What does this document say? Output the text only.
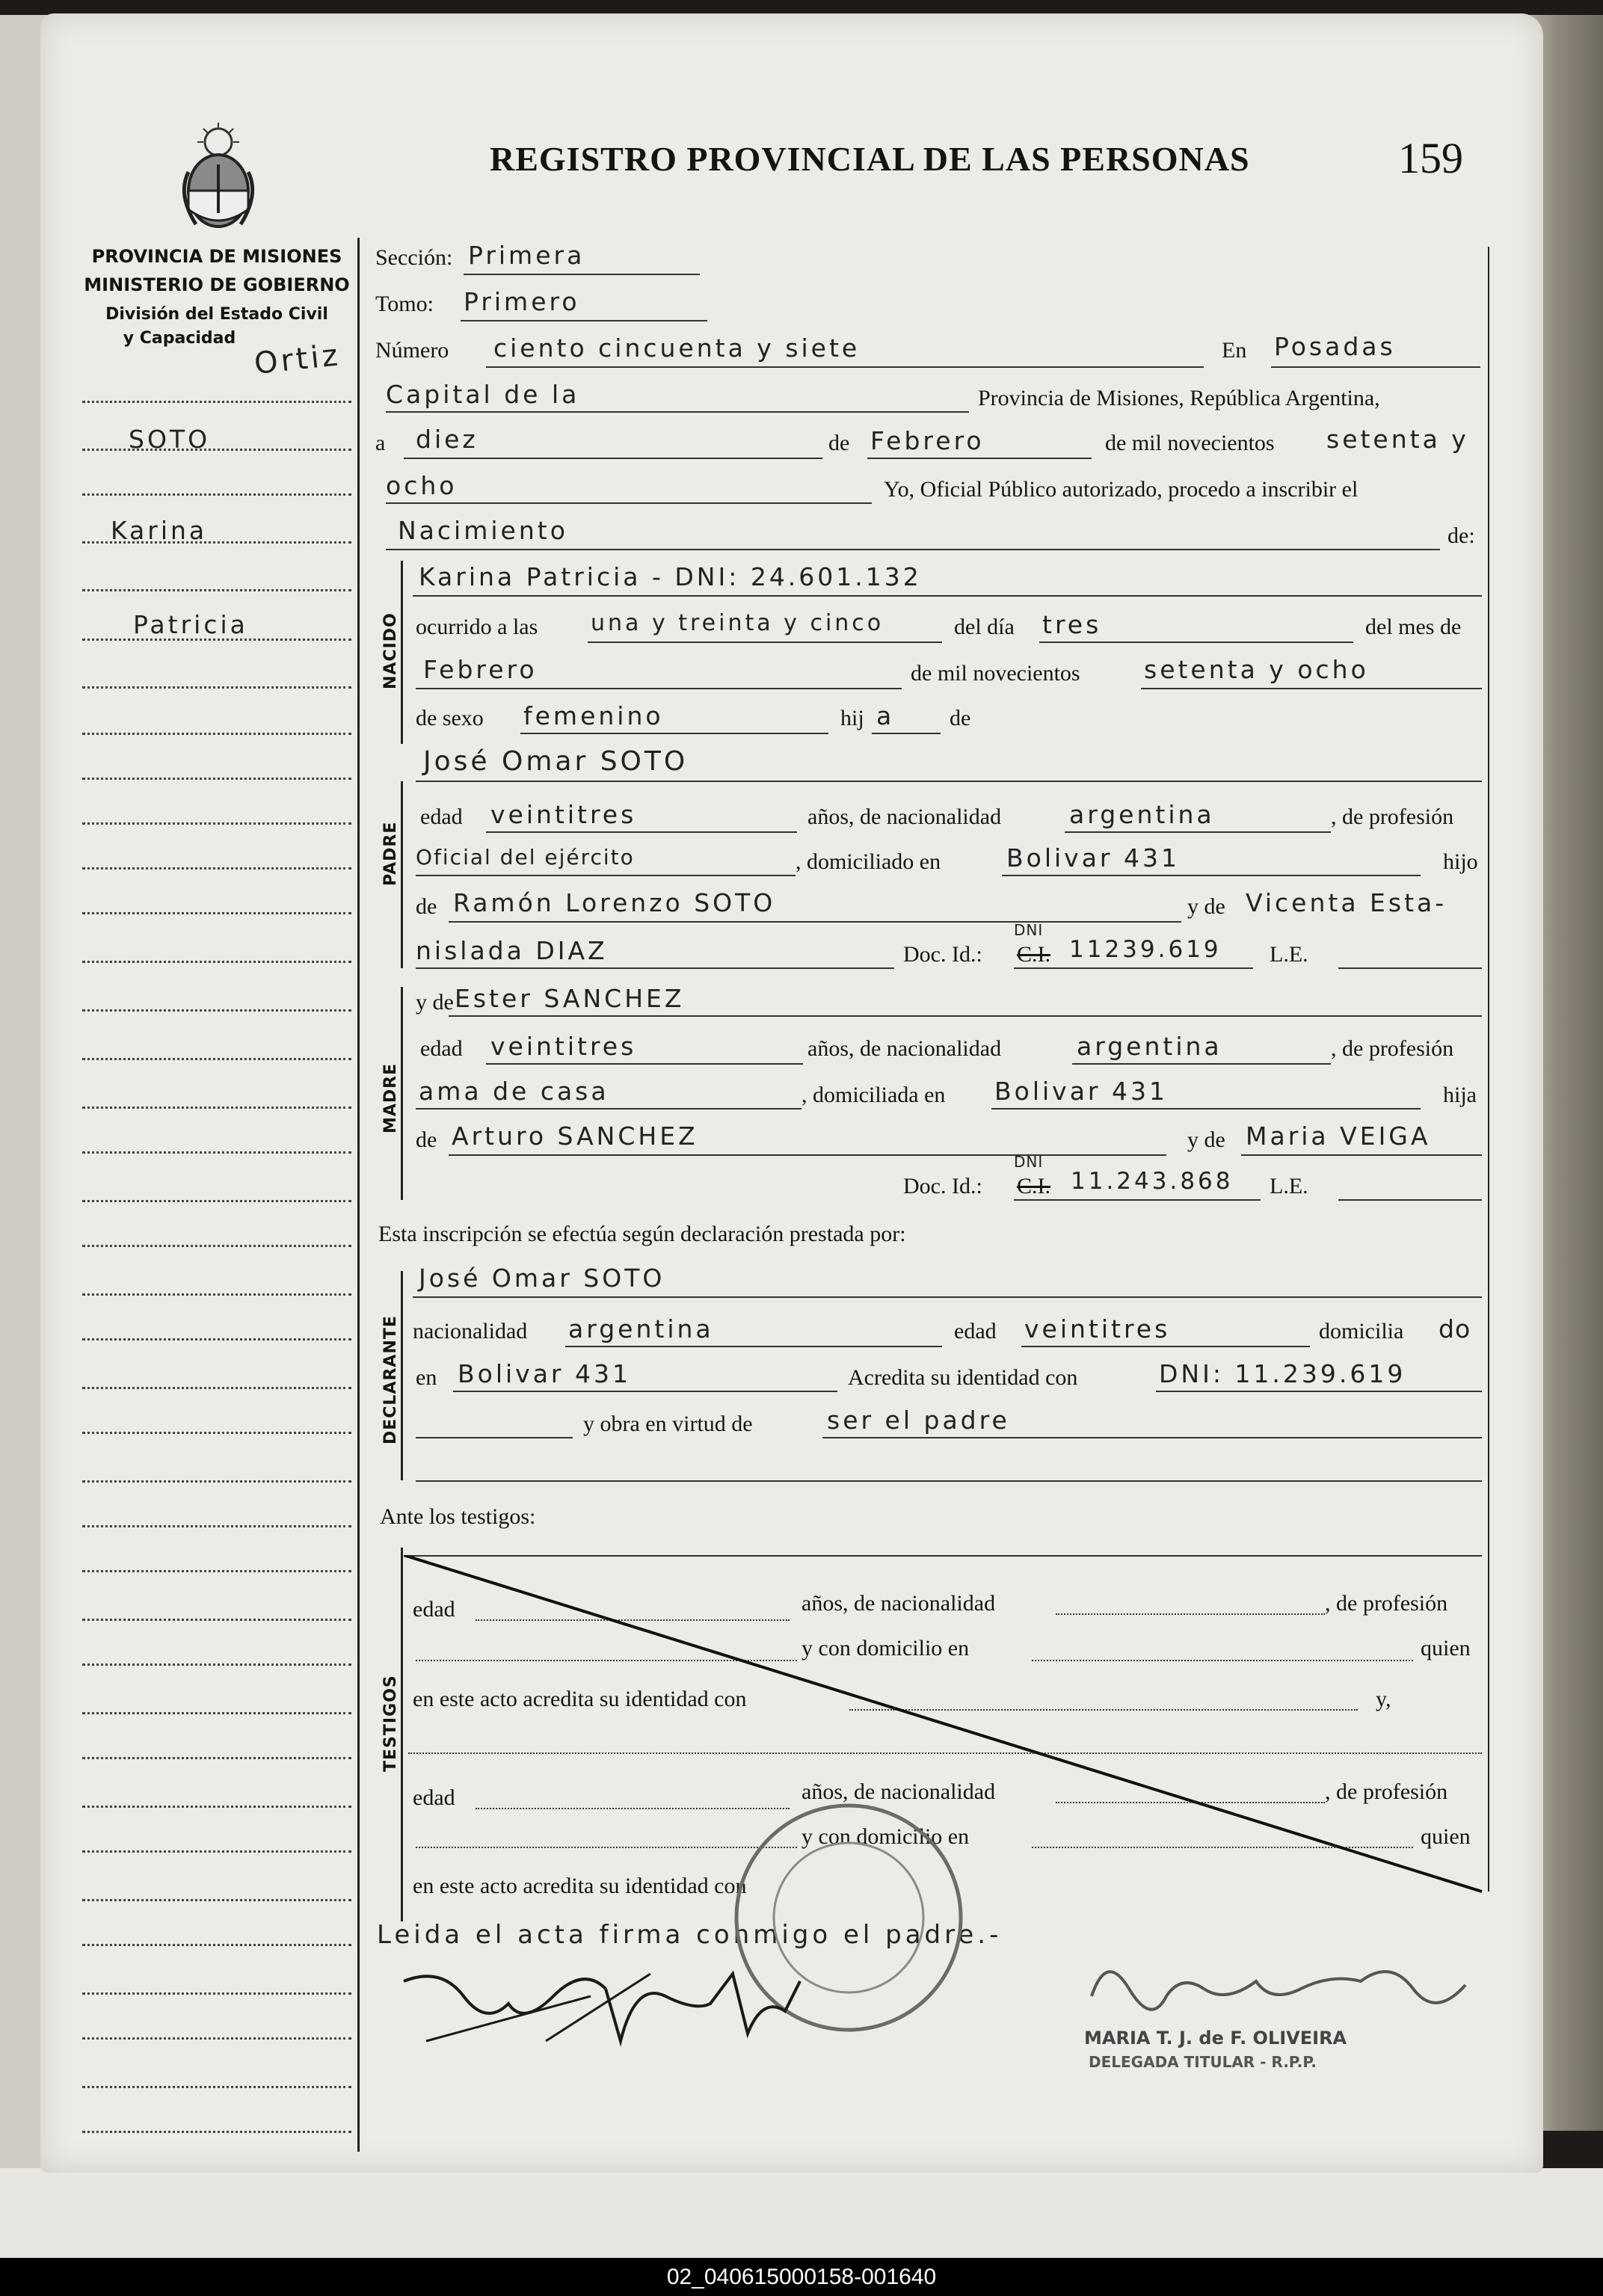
REGISTRO PROVINCIAL DE LAS PERSONAS	159
PROVINCIA DE MISIONES
MINISTERIO DE GOBIERNO
División del Estado Civil
y Capacidad Ortiz
SOTO
Karina
Patricia	NACIDO
PADRE
MADRE
DECLARANTE
TESTIGOS
Sección: Primera
Tomo: Primero
Número ciento cincuenta y siete	En Posadas
Capital de la	Provincia de Misiones, República Argentina,
a diez	de Febrero	de mil novecientos setenta y
ocho	Yo, Oficial Público autorizado, procedo a inscribir el
Nacimiento	de:
Karina Patricia - DNI: 24.601.132
ocurrido a las una y treinta y cinco	del día tres	del mes de
Febrero	de mil novecientos	setenta y ocho
de sexo femenino	hij a de
José Omar SOTO
edad veintitres	años, de nacionalidad	argentina	, de profesión
Oficial del ejército	, domiciliado en	Bolivar 431	hijo
de Ramón Lorenzo SOTO	y de Vicenta Esta-
nislada DIAZ	Doc. Id.: C.I.
DNI
11239.619 L.E.
y de Ester SANCHEZ
edad veintitres	años, de nacionalidad	argentina	, de profesión
ama de casa	, domiciliada en Bolivar 431	hija
de Arturo SANCHEZ	y de Maria VEIGA
Doc. Id.: C.I.
DNI
11.243.868 L.E.
Esta inscripción se efectúa según declaración prestada por:
José Omar SOTO
nacionalidad argentina	edad veintitres	domicilia do
en Bolivar 431	Acredita su identidad con	DNI: 11.239.619
y obra en virtud de	ser el padre
Ante los testigos:
edad	años, de nacionalidad	, de profesión
y con domicilio en	quien
en este acto acredita su identidad con	y,
edad	años, de nacionalidad	, de profesión
y con domicilio en	quien
en este acto acredita su identidad con
Leida el acta firma conmigo el padre.-
MARIA T. J. de F. OLIVEIRA
DELEGADA TITULAR - R.P.P.
02_040615000158-001640
